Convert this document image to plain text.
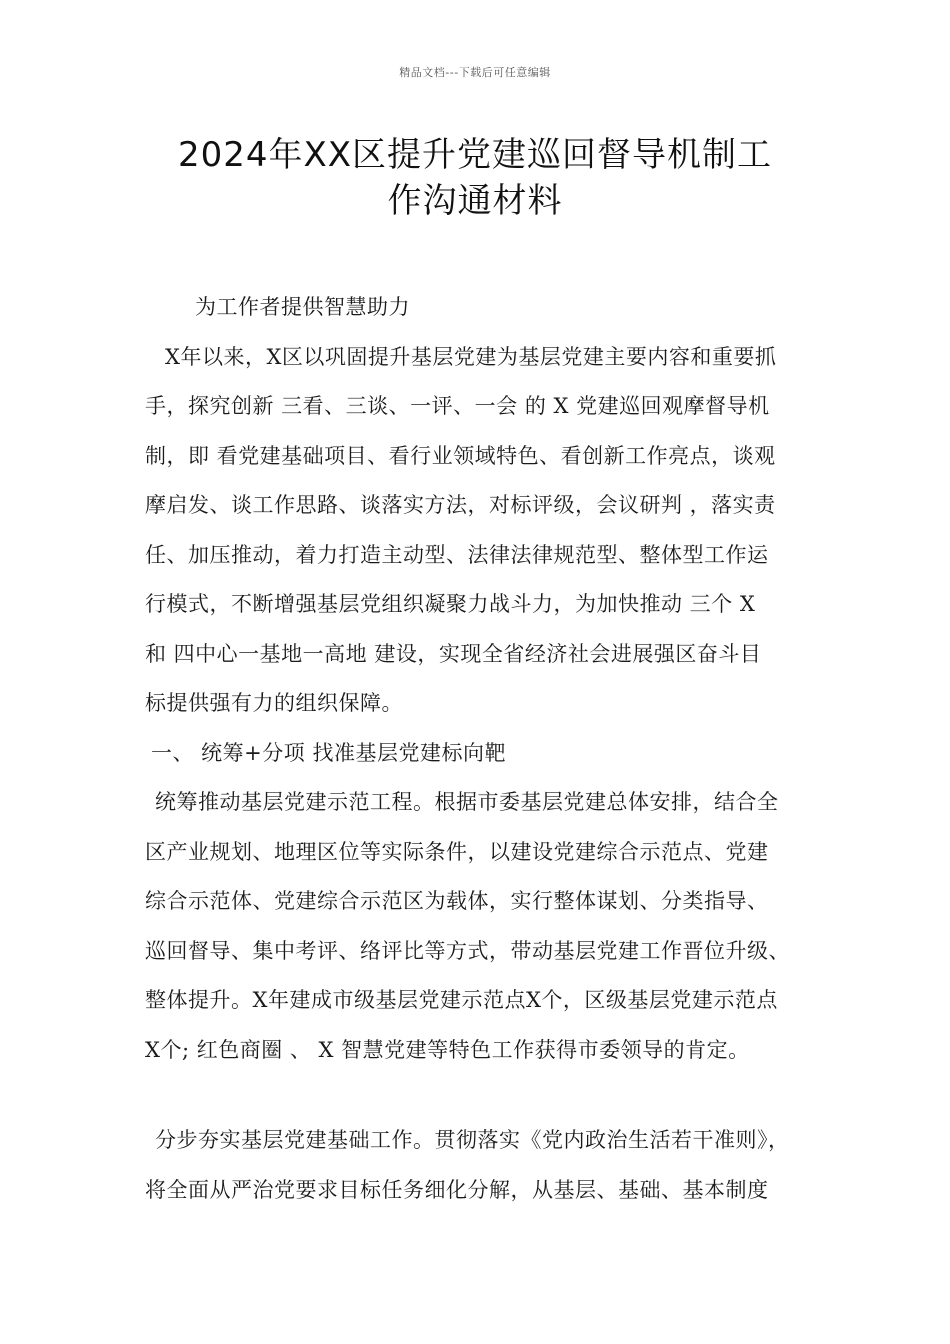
精品文档---下载后可任意编辑
2024年XX区提升党建巡回督导机制工
作沟通材料

为工作者提供智慧助力

X年以来，X区以巩固提升基层党建为基层党建主要内容和重要抓
手，探究创新 三看、三谈、一评、一会 的 X 党建巡回观摩督导机
制，即 看党建基础项目、看行业领域特色、看创新工作亮点，谈观
摩启发、谈工作思路、谈落实方法，对标评级，会议研判 ，落实责
任、加压推动，着力打造主动型、法律法律规范型、整体型工作运
行模式，不断增强基层党组织凝聚力战斗力，为加快推动 三个 X
和 四中心一基地一高地 建设，实现全省经济社会进展强区奋斗目
标提供强有力的组织保障。

一、 统筹+分项 找准基层党建标向靶

统筹推动基层党建示范工程。根据市委基层党建总体安排，结合全
区产业规划、地理区位等实际条件，以建设党建综合示范点、党建
综合示范体、党建综合示范区为载体，实行整体谋划、分类指导、
巡回督导、集中考评、络评比等方式，带动基层党建工作晋位升级、
整体提升。X年建成市级基层党建示范点X个，区级基层党建示范点
X个; 红色商圈 、 X 智慧党建等特色工作获得市委领导的肯定。

分步夯实基层党建基础工作。贯彻落实《党内政治生活若干准则》，
将全面从严治党要求目标任务细化分解，从基层、基础、基本制度
